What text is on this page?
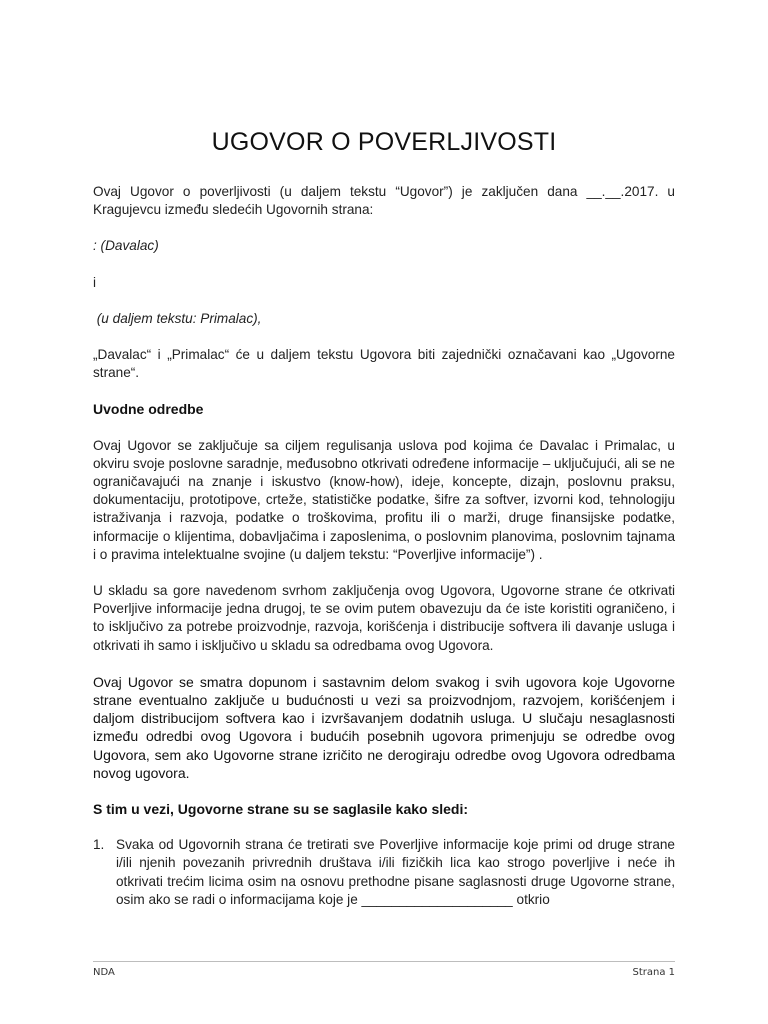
UGOVOR O POVERLJIVOSTI

Ovaj Ugovor o poverljivosti (u daljem tekstu “Ugovor”) je zaključen dana __.__.2017. u Kragujevcu između sledećih Ugovornih strana:

: (Davalac)

i

(u daljem tekstu: Primalac),

„Davalac“ i „Primalac“ će u daljem tekstu Ugovora biti zajednički označavani kao „Ugovorne strane“.

Uvodne odredbe

Ovaj Ugovor se zaključuje sa ciljem regulisanja uslova pod kojima će Davalac i Primalac, u okviru svoje poslovne saradnje, međusobno otkrivati određene informacije – uključujući, ali se ne ograničavajući na znanje i iskustvo (know-how), ideje, koncepte, dizajn, poslovnu praksu, dokumentaciju, prototipove, crteže, statističke podatke, šifre za softver, izvorni kod, tehnologiju istraživanja i razvoja, podatke o troškovima, profitu ili o marži, druge finansijske podatke, informacije o klijentima, dobavljačima i zaposlenima, o poslovnim planovima, poslovnim tajnama i o pravima intelektualne svojine (u daljem tekstu: “Poverljive informacije”) .

U skladu sa gore navedenom svrhom zaključenja ovog Ugovora, Ugovorne strane će otkrivati Poverljive informacije jedna drugoj, te se ovim putem obavezuju da će iste koristiti ograničeno, i to isključivo za potrebe proizvodnje, razvoja, korišćenja i distribucije softvera ili davanje usluga i otkrivati ih samo i isključivo u skladu sa odredbama ovog Ugovora.

Ovaj Ugovor se smatra dopunom i sastavnim delom svakog i svih ugovora koje Ugovorne strane eventualno zaključe u budućnosti u vezi sa proizvodnjom, razvojem, korišćenjem i daljom distribucijom softvera kao i izvršavanjem dodatnih usluga. U slučaju nesaglasnosti između odredbi ovog Ugovora i budućih posebnih ugovora primenjuju se odredbe ovog Ugovora, sem ako Ugovorne strane izričito ne derogiraju odredbe ovog Ugovora odredbama novog ugovora.

S tim u vezi, Ugovorne strane su se saglasile kako sledi:

1. Svaka od Ugovornih strana će tretirati sve Poverljive informacije koje primi od druge strane i/ili njenih povezanih privrednih društava i/ili fizičkih lica kao strogo poverljive i neće ih otkrivati trećim licima osim na osnovu prethodne pisane saglasnosti druge Ugovorne strane, osim ako se radi o informacijama koje je ____________________ otkrio
NDA	Strana 1
